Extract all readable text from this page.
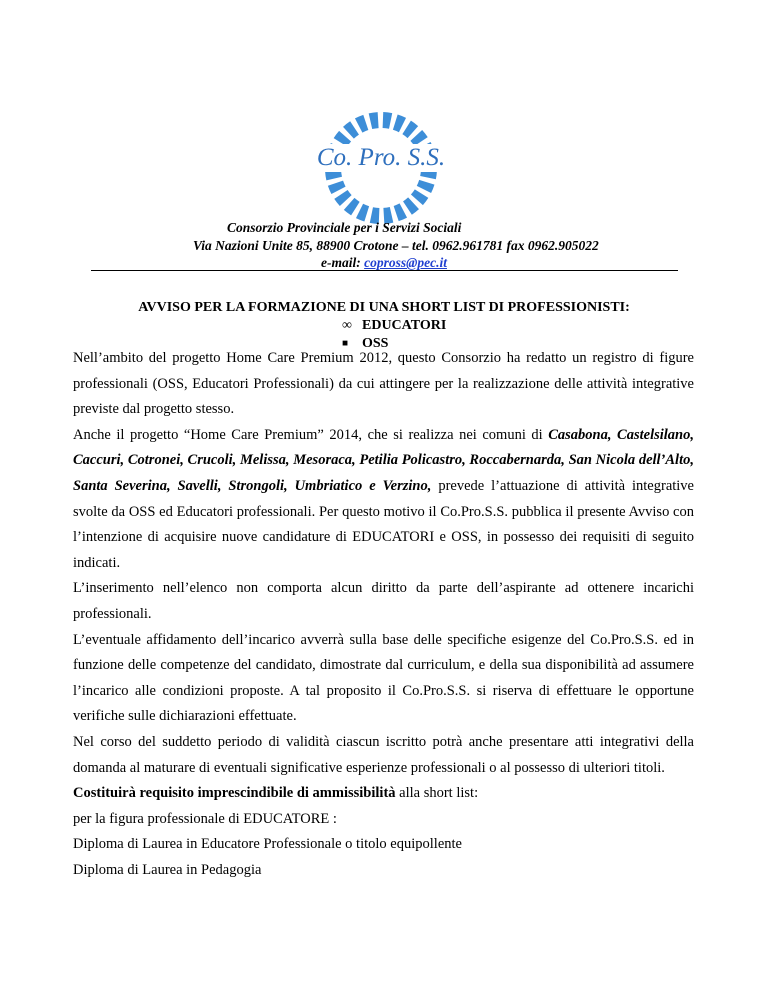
Co. Pro. S.S.
Consorzio Provinciale per i Servizi Sociali
Via Nazioni Unite 85, 88900 Crotone – tel. 0962.961781 fax 0962.905022
e-mail: copross@pec.it
AVVISO PER LA FORMAZIONE DI UNA SHORT LIST DI PROFESSIONISTI:
∞ EDUCATORI
■ OSS

Nell’ambito del progetto Home Care Premium 2012, questo Consorzio ha redatto un registro di figure professionali (OSS, Educatori Professionali) da cui attingere per la realizzazione delle attività integrative previste dal progetto stesso.

Anche il progetto “Home Care Premium” 2014, che si realizza nei comuni di Casabona, Castelsilano, Caccuri, Cotronei, Crucoli, Melissa, Mesoraca, Petilia Policastro, Roccabernarda, San Nicola dell’Alto, Santa Severina, Savelli, Strongoli, Umbriatico e Verzino, prevede l’attuazione di attività integrative svolte da OSS ed Educatori professionali. Per questo motivo il Co.Pro.S.S. pubblica il presente Avviso con l’intenzione di acquisire nuove candidature di EDUCATORI e OSS, in possesso dei requisiti di seguito indicati.

L’inserimento nell’elenco non comporta alcun diritto da parte dell’aspirante ad ottenere incarichi professionali.

L’eventuale affidamento dell’incarico avverrà sulla base delle specifiche esigenze del Co.Pro.S.S. ed in funzione delle competenze del candidato, dimostrate dal curriculum, e della sua disponibilità ad assumere l’incarico alle condizioni proposte. A tal proposito il Co.Pro.S.S. si riserva di effettuare le opportune verifiche sulle dichiarazioni effettuate.

Nel corso del suddetto periodo di validità ciascun iscritto potrà anche presentare atti integrativi della domanda al maturare di eventuali significative esperienze professionali o al possesso di ulteriori titoli.

Costituirà requisito imprescindibile di ammissibilità alla short list:

per la figura professionale di EDUCATORE :

Diploma di Laurea in Educatore Professionale o titolo equipollente

Diploma di Laurea in Pedagogia
